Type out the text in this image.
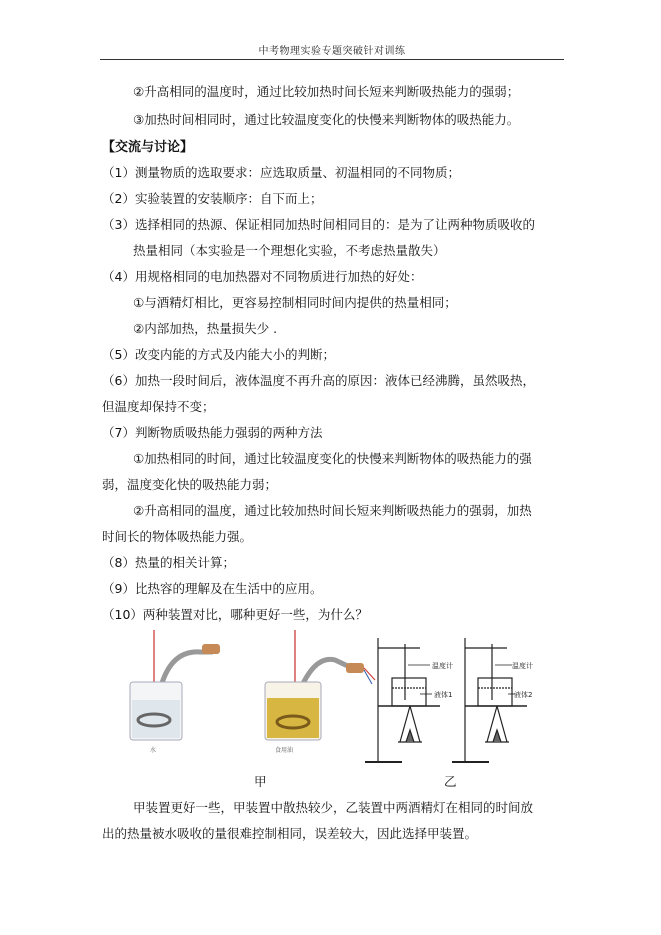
中考物理实验专题突破针对训练
②升高相同的温度时，通过比较加热时间长短来判断吸热能力的强弱；
③加热时间相同时，通过比较温度变化的快慢来判断物体的吸热能力。
【交流与讨论】
（1）测量物质的选取要求：应选取质量、初温相同的不同物质；
（2）实验装置的安装顺序：自下而上；
（3）选择相同的热源、保证相同加热时间相同目的：是为了让两种物质吸收的
热量相同（本实验是一个理想化实验，不考虑热量散失）
（4）用规格相同的电加热器对不同物质进行加热的好处：
①与酒精灯相比，更容易控制相同时间内提供的热量相同；
②内部加热，热量损失少 .
（5）改变内能的方式及内能大小的判断；
（6）加热一段时间后，液体温度不再升高的原因：液体已经沸腾，虽然吸热，
但温度却保持不变；
（7）判断物质吸热能力强弱的两种方法
①加热相同的时间，通过比较温度变化的快慢来判断物体的吸热能力的强
弱，温度变化快的吸热能力弱；
②升高相同的温度，通过比较加热时间长短来判断吸热能力的强弱，加热
时间长的物体吸热能力强。
（8）热量的相关计算；
（9）比热容的理解及在生活中的应用。
（10）两种装置对比，哪种更好一些，为什么？
水	食用油
温度计
液体1
温度计
液体2
甲	乙
甲装置更好一些，甲装置中散热较少，乙装置中两酒精灯在相同的时间放
出的热量被水吸收的量很难控制相同，误差较大，因此选择甲装置。
